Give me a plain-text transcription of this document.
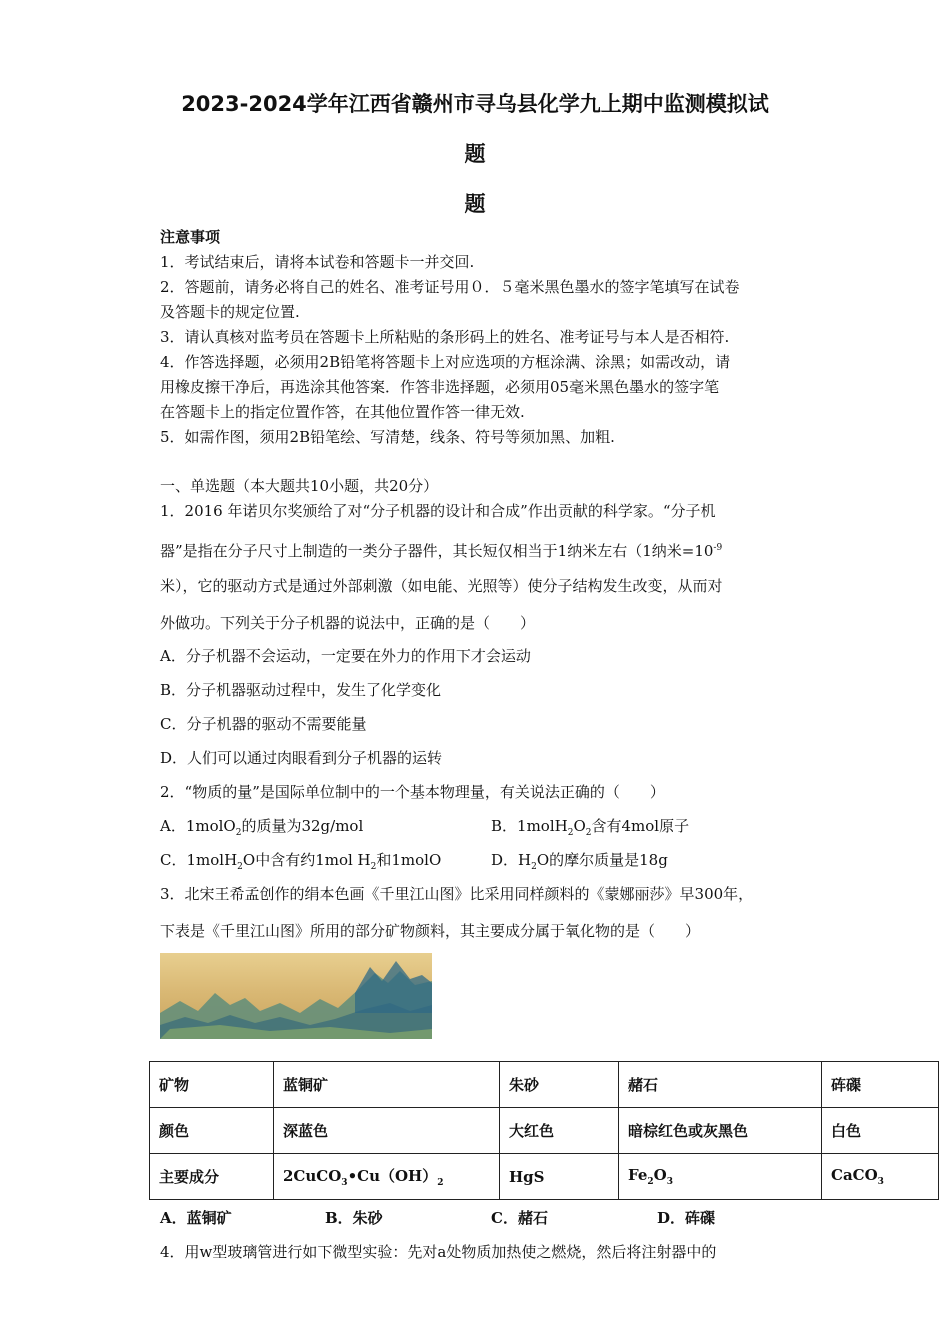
2023-2024学年江西省赣州市寻乌县化学九上期中监测模拟试
题
题
注意事项
1．考试结束后，请将本试卷和答题卡一并交回.
2．答题前，请务必将自己的姓名、准考证号用０．５毫米黑色墨水的签字笔填写在试卷
及答题卡的规定位置.
3．请认真核对监考员在答题卡上所粘贴的条形码上的姓名、准考证号与本人是否相符.
4．作答选择题，必须用2B铅笔将答题卡上对应选项的方框涂满、涂黑；如需改动，请
用橡皮擦干净后，再选涂其他答案．作答非选择题，必须用05毫米黑色墨水的签字笔
在答题卡上的指定位置作答，在其他位置作答一律无效.
5．如需作图，须用2B铅笔绘、写清楚，线条、符号等须加黑、加粗.
一、单选题（本大题共10小题，共20分）
1．2016 年诺贝尔奖颁给了对“分子机器的设计和合成”作出贡献的科学家。“分子机
器”是指在分子尺寸上制造的一类分子器件，其长短仅相当于1纳米左右（1纳米$=10^{-9}$
米），它的驱动方式是通过外部刺激（如电能、光照等）使分子结构发生改变，从而对
外做功。下列关于分子机器的说法中，正确的是（　　）
A．分子机器不会运动，一定要在外力的作用下才会运动
B．分子机器驱动过程中，发生了化学变化
C．分子机器的驱动不需要能量
D．人们可以通过肉眼看到分子机器的运转
2．“物质的量”是国际单位制中的一个基本物理量，有关说法正确的（　　）
A．1molO$_2$的质量为32g/mol	B．$1molH_2O_2$含有4mol原子
C．1molH$_2$O中含有约1mol $H_2$和1molO	D．$H_2O$的摩尔质量是18g
3．北宋王希孟创作的绢本色画《千里江山图》比采用同样颜料的《蒙娜丽莎》早300年，
下表是《千里江山图》所用的部分矿物颜料，其主要成分属于氧化物的是（　　）
矿物	蓝铜矿	朱砂	赭石	砗磲
颜色	深蓝色	大红色	暗棕红色或灰黑色	白色
主要成分	$2CuCO_3•Cu(OH)_2$	HgS	$Fe_2O_3$	CaCO$_3$
A．蓝铜矿	B．朱砂	C．赭石	D．砗磲
4．用w型玻璃管进行如下微型实验：先对a处物质加热使之燃烧，然后将注射器中的
